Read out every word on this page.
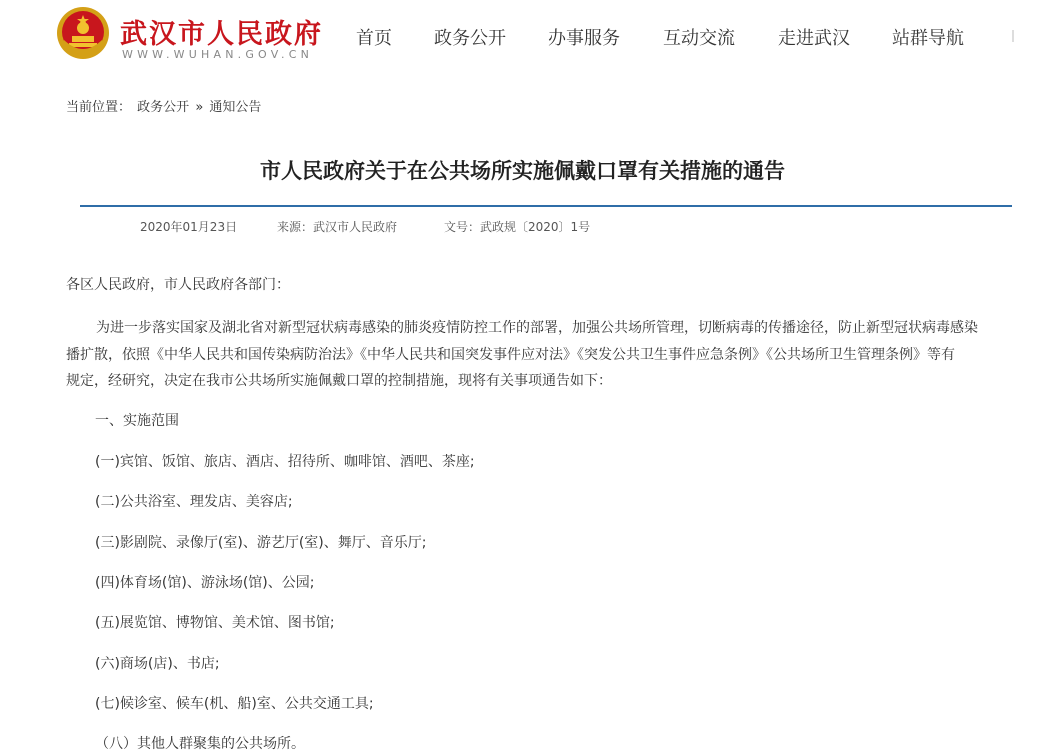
武汉市人民政府
WWW.WUHAN.GOV.CN
首页 政务公开 办事服务 互动交流 走进武汉 站群导航
当前位置： 政务公开 » 通知公告
市人民政府关于在公共场所实施佩戴口罩有关措施的通告
2020年01月23日	来源：武汉市人民政府	文号：武政规〔2020〕1号
各区人民政府，市人民政府各部门：
为进一步落实国家及湖北省对新型冠状病毒感染的肺炎疫情防控工作的部署，加强公共场所管理，切断病毒的传播途径，防止新型冠状病毒感染
播扩散，依照《中华人民共和国传染病防治法》《中华人民共和国突发事件应对法》《突发公共卫生事件应急条例》《公共场所卫生管理条例》等有
规定，经研究，决定在我市公共场所实施佩戴口罩的控制措施，现将有关事项通告如下：
一、实施范围
(一)宾馆、饭馆、旅店、酒店、招待所、咖啡馆、酒吧、茶座;
(二)公共浴室、理发店、美容店;
(三)影剧院、录像厅(室)、游艺厅(室)、舞厅、音乐厅;
(四)体育场(馆)、游泳场(馆)、公园;
(五)展览馆、博物馆、美术馆、图书馆;
(六)商场(店)、书店;
(七)候诊室、候车(机、船)室、公共交通工具;
（八）其他人群聚集的公共场所。
